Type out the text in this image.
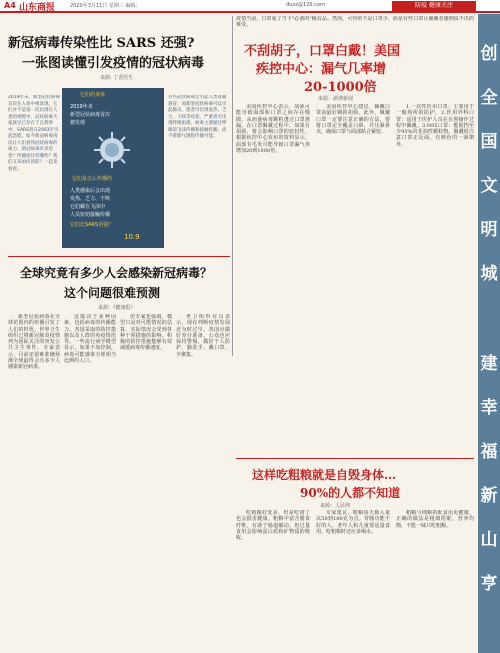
A4 山东商报	2020年3月11日 星期三 编辑：	duoz@126.com	防疫 健康关注
创
全
国
文
明
城
建
幸
福
新
山
亨
新冠病毒传染性比 SARS 还强?
一张图读懂引发疫情的冠状病毒
来源: 丁香医生
2019年末，新型冠状病毒首次在人体中被发现。它们并不是第一次出现在人类的视野中，冠状病毒大家族早已存在于自然界中。SARS曾在2003年引起恐慌，如今新冠病毒再次让人们看到冠状病毒的威力。新冠病毒有多厉害？传播途径有哪些？我们又该如何预防？一起来看看。
它们的身体
2019年末
新型冠状病毒首次
被发现
它们是怎么传播的
人类感染后会出现
发热、乏力、干咳
它们藏在飞沫中
人员密切接触传播
它们比SARS更强？
10.9
有些冠状病毒会引起人类普通感冒，而新型冠状病毒可以引起肺炎。患者可出现发热、乏力、干咳等症状，严重者可出现呼吸困难。病毒主要通过呼吸道飞沫传播和接触传播，尚不排除气溶胶传播可能。
疫情当前，口罩成了当下"必备的"稀有品。然而，可怜的不是口罩少，而是有些口罩让佩戴者感到说不出的难受。
不刮胡子，口罩白戴！美国
疾控中心：漏气几率增
20-1000倍
来源：澎湃新闻
美国疾控中心表示，胡须可能导致面部和口罩之间存在缝隙，从而使病毒颗粒透过口罩泄漏。在口罩佩戴过程中，如果有胡须，将会影响口罩的密封性。根据疾控中心发布的资料显示，面部有毛发可能导致口罩漏气率增加20到1000倍。
美国疾控中心建议，佩戴口罩前最好剃掉胡须。此外，佩戴口罩一定要注意正确的方法，要将口罩完全覆盖口鼻，并压紧鼻夹，确保口罩与面部贴合紧密。
1.一次性医用口罩：主要用于一般场所的防护。2.医用外科口罩：适用于医护人员在有创操作过程中佩戴。3.N95口罩：能阻挡至少95%的非油性颗粒物。佩戴时注意口罩正反面，有颜色的一面朝外。
全球究竟有多少人会感染新冠病毒？
这个问题很难预测
来源：《健康报》
新型冠状病毒在全球范围内的传播引发了人们的担忧。世界卫生组织已将新冠肺炎疫情列为国际关注的突发公共卫生事件。专家表示，目前还很难准确预测全球最终会有多少人感染新冠病毒。
这取决于多种因素，包括病毒的传播能力、各国采取的防控措施以及人群的免疫情况等。一些流行病学模型显示，如果不加控制，病毒可能感染全球相当比例的人口。
但专家也强调，模型只是对可能情况的估算，实际情况会受到各种干预措施的影响。积极的防控措施能够有效减缓病毒传播速度。
世卫组织官员表示，现在判断疫情发展还为时过早，各国应做好充分准备。公众也应保持警惕，做好个人防护，勤洗手、戴口罩、少聚集。
这样吃粗粮就是自毁身体…
90%的人都不知道
来源：人民网
吃粗粮好处多，但是吃错了也会损害健康。粗粮中富含膳食纤维，有助于肠道蠕动，但过量食用会影响蛋白质和矿物质的吸收。
专家建议，粗粮每天摄入量以50到100克为宜。胃肠功能不好的人、老年人和儿童要适量食用。吃粗粮时还应多喝水。
粗粮与细粮搭配食用更健康。正确的做法是粗细搭配，营养均衡，不能一味只吃粗粮。
